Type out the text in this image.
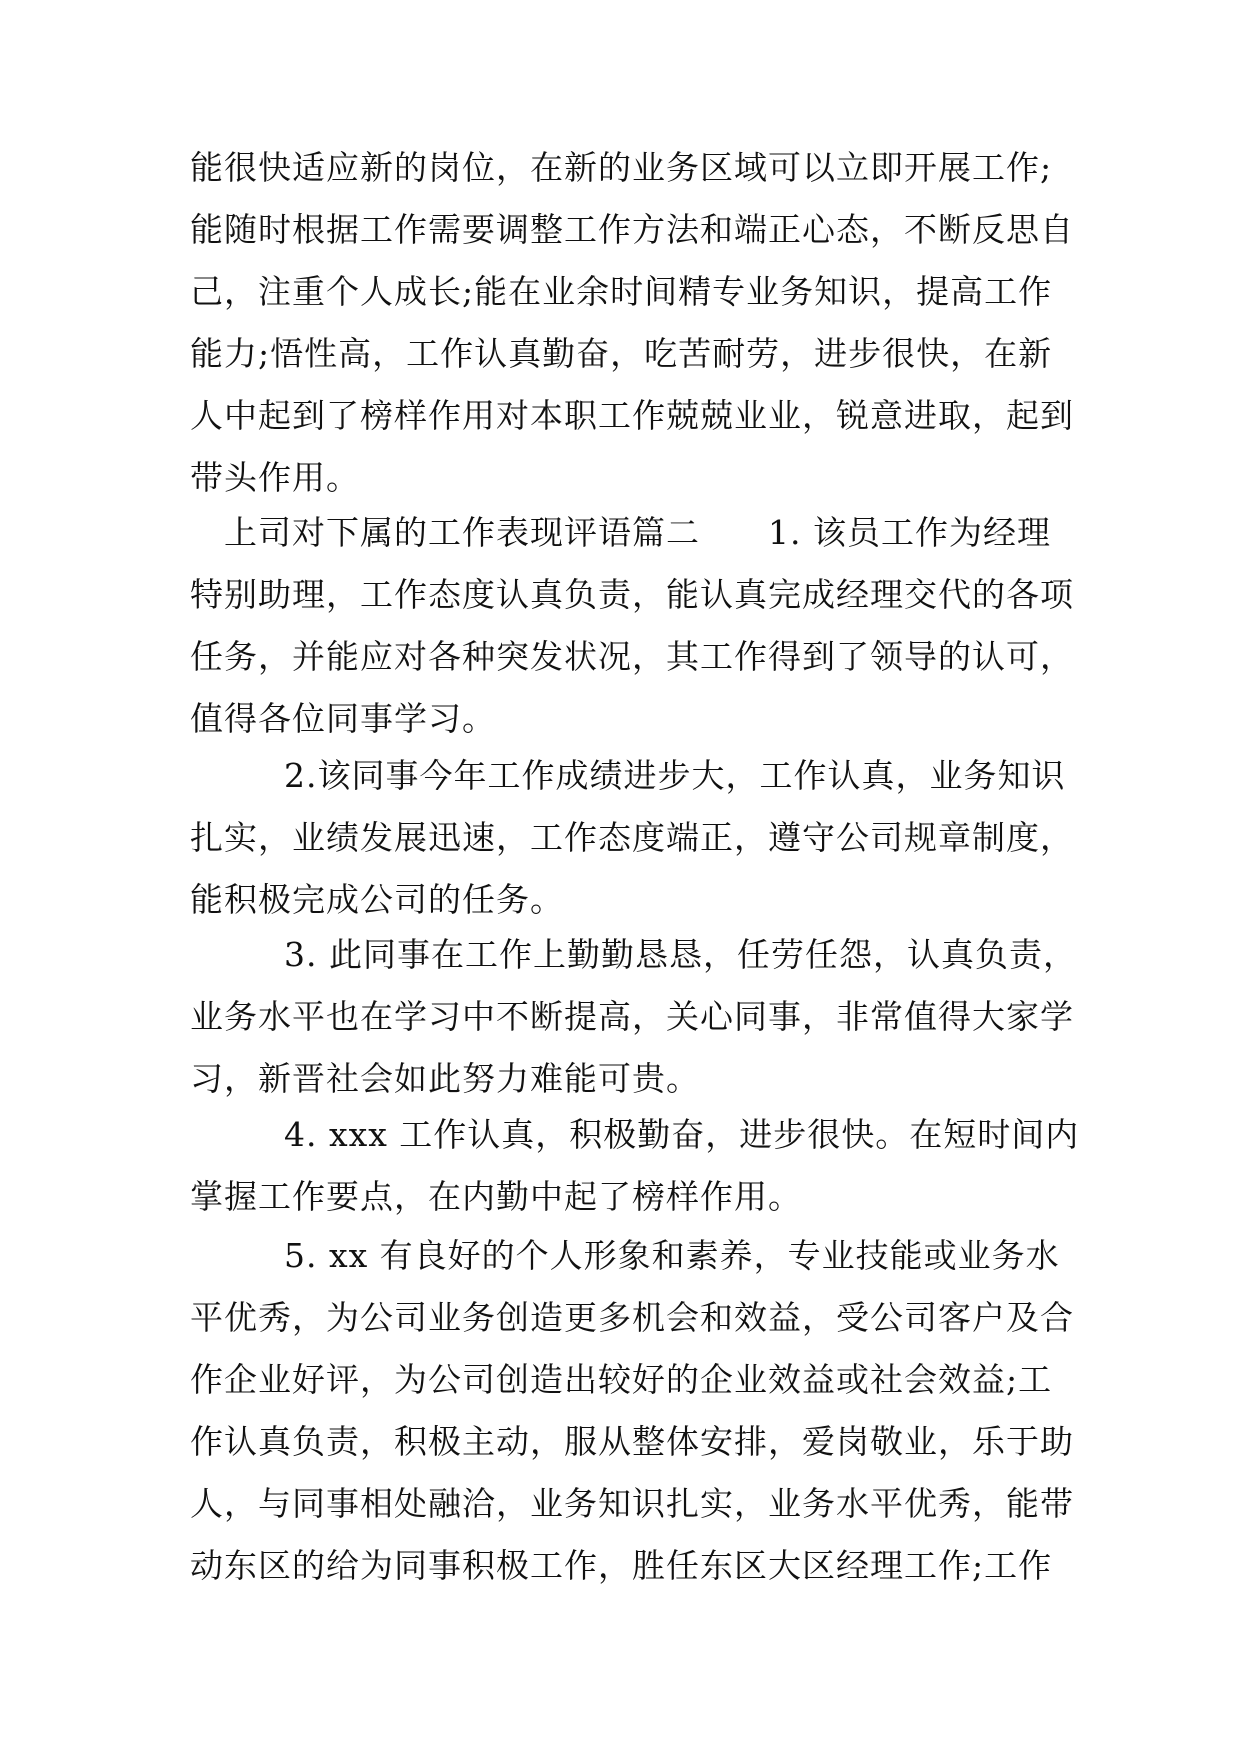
能很快适应新的岗位，在新的业务区域可以立即开展工作;
能随时根据工作需要调整工作方法和端正心态，不断反思自
己，注重个人成长;能在业余时间精专业务知识，提高工作
能力;悟性高，工作认真勤奋，吃苦耐劳，进步很快，在新
人中起到了榜样作用对本职工作兢兢业业，锐意进取，起到
带头作用。
上司对下属的工作表现评语篇二　　1. 该员工作为经理
特别助理，工作态度认真负责，能认真完成经理交代的各项
任务，并能应对各种突发状况，其工作得到了领导的认可，
值得各位同事学习。
2.该同事今年工作成绩进步大，工作认真，业务知识
扎实，业绩发展迅速，工作态度端正，遵守公司规章制度，
能积极完成公司的任务。
3. 此同事在工作上勤勤恳恳，任劳任怨，认真负责，
业务水平也在学习中不断提高，关心同事，非常值得大家学
习，新晋社会如此努力难能可贵。
4. xxx 工作认真，积极勤奋，进步很快。在短时间内
掌握工作要点，在内勤中起了榜样作用。
5. xx 有良好的个人形象和素养，专业技能或业务水
平优秀，为公司业务创造更多机会和效益，受公司客户及合
作企业好评，为公司创造出较好的企业效益或社会效益;工
作认真负责，积极主动，服从整体安排，爱岗敬业，乐于助
人，与同事相处融洽，业务知识扎实，业务水平优秀，能带
动东区的给为同事积极工作，胜任东区大区经理工作;工作
